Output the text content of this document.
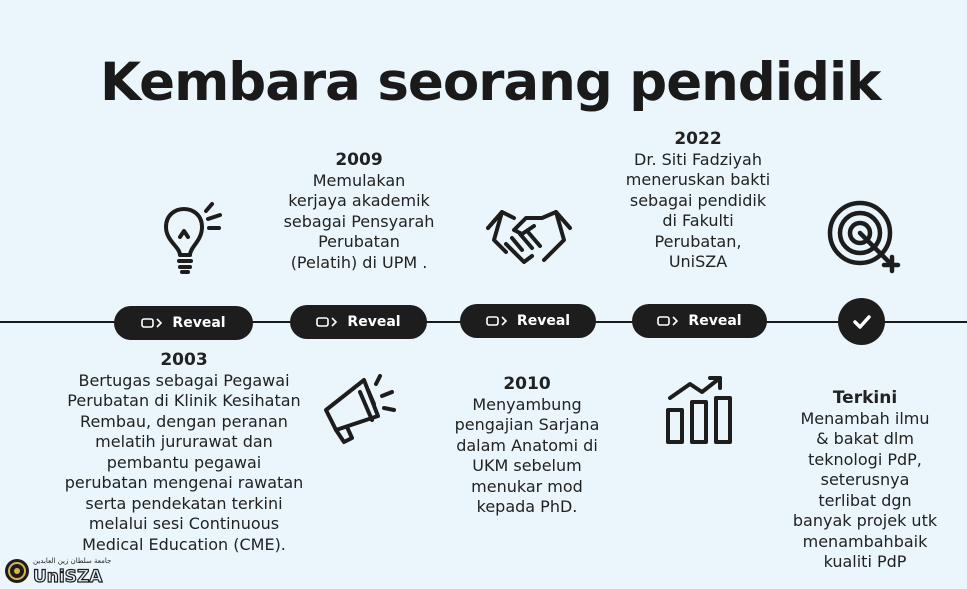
Kembara seorang pendidik
Reveal	Reveal	Reveal	Reveal
2003
Bertugas sebagai Pegawai
Perubatan di Klinik Kesihatan
Rembau, dengan peranan
melatih jururawat dan
pembantu pegawai
perubatan mengenai rawatan
serta pendekatan terkini
melalui sesi Continuous
Medical Education (CME).
2009
Memulakan
kerjaya akademik
sebagai Pensyarah
Perubatan
(Pelatih) di UPM .
2010
Menyambung
pengajian Sarjana
dalam Anatomi di
UKM sebelum
menukar mod
kepada PhD.
2022
Dr. Siti Fadziyah
meneruskan bakti
sebagai pendidik
di Fakulti
Perubatan,
UniSZA
Terkini
Menambah ilmu
& bakat dlm
teknologi PdP,
seterusnya
terlibat dgn
banyak projek utk
menambahbaik
kualiti PdP
جامعة سلطان زين العابدين
UniSZA
